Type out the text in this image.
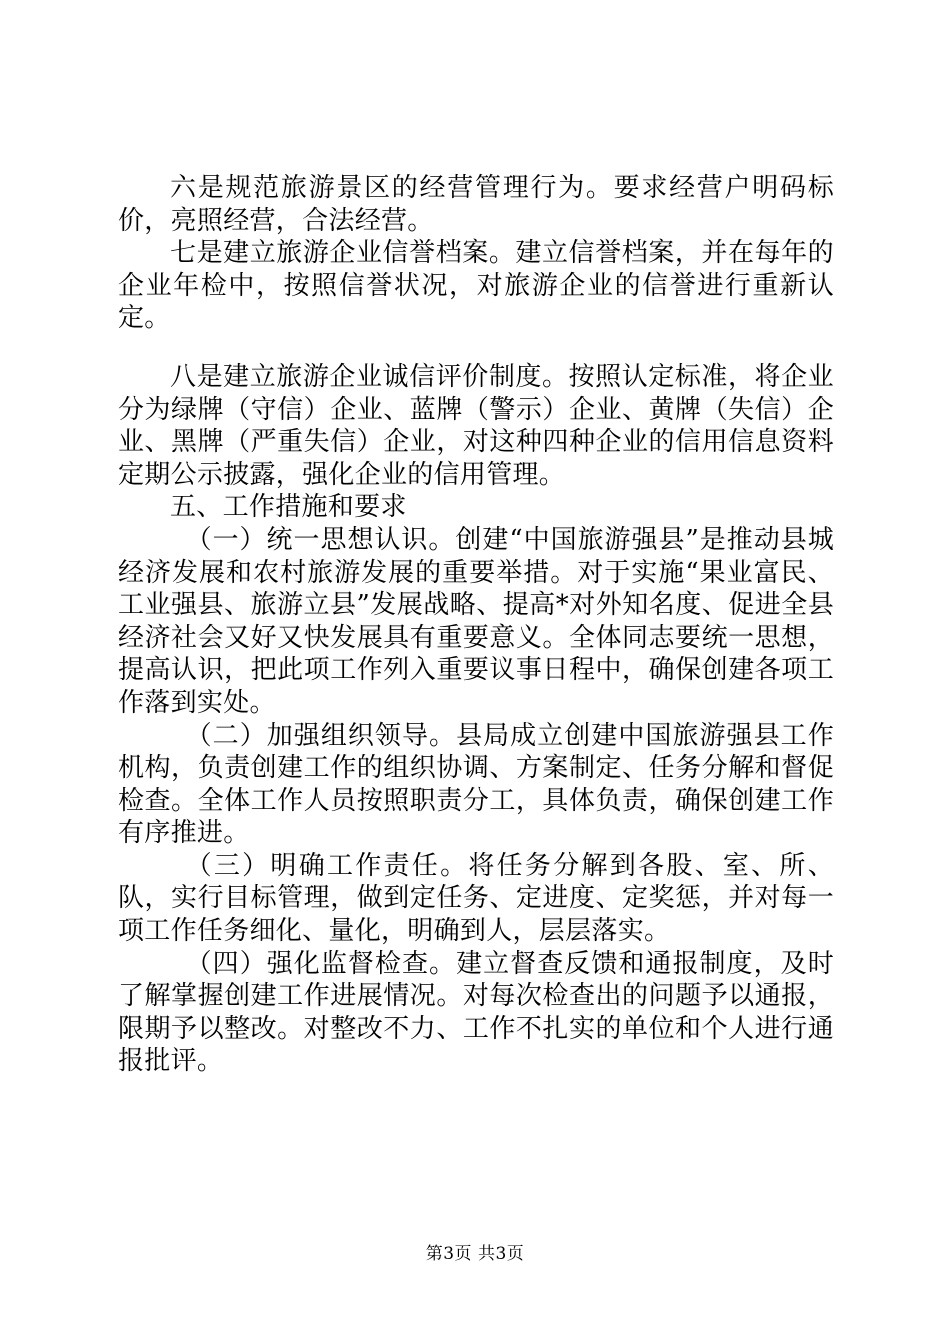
六是规范旅游景区的经营管理行为。要求经营户明码标价，亮照经营，合法经营。

七是建立旅游企业信誉档案。建立信誉档案，并在每年的企业年检中，按照信誉状况，对旅游企业的信誉进行重新认定。

八是建立旅游企业诚信评价制度。按照认定标准，将企业分为绿牌（守信）企业、蓝牌（警示）企业、黄牌（失信）企业、黑牌（严重失信）企业，对这种四种企业的信用信息资料定期公示披露，强化企业的信用管理。

五、工作措施和要求

（一）统一思想认识。创建“中国旅游强县”是推动县城经济发展和农村旅游发展的重要举措。对于实施“果业富民、工业强县、旅游立县”发展战略、提高*对外知名度、促进全县经济社会又好又快发展具有重要意义。全体同志要统一思想，提高认识，把此项工作列入重要议事日程中，确保创建各项工作落到实处。

（二）加强组织领导。县局成立创建中国旅游强县工作机构，负责创建工作的组织协调、方案制定、任务分解和督促检查。全体工作人员按照职责分工，具体负责，确保创建工作有序推进。

（三）明确工作责任。将任务分解到各股、室、所、队，实行目标管理，做到定任务、定进度、定奖惩，并对每一项工作任务细化、量化，明确到人，层层落实。

（四）强化监督检查。建立督查反馈和通报制度，及时了解掌握创建工作进展情况。对每次检查出的问题予以通报，限期予以整改。对整改不力、工作不扎实的单位和个人进行通报批评。

第3页 共3页
